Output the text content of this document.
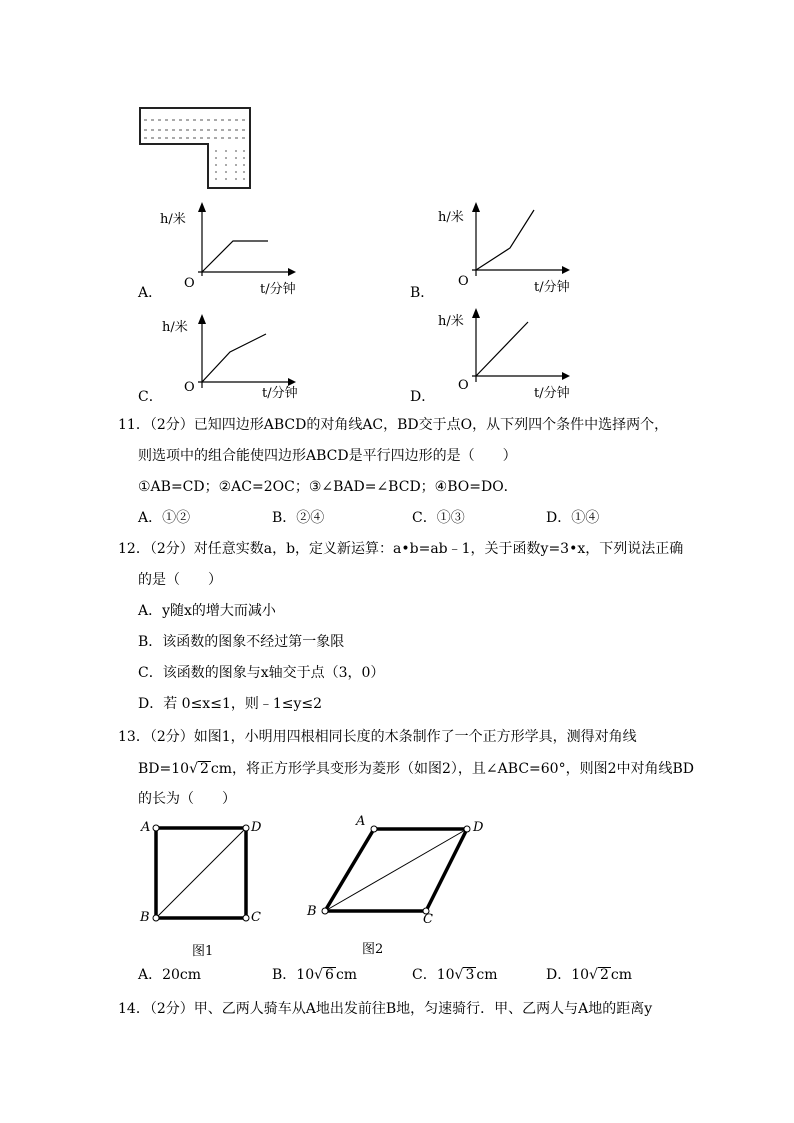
h/米
O	t/分钟
A．
h/米
O	t/分钟
B．
h/米
O	t/分钟
C．
h/米
O
t/分钟
D．
11．（2分）已知四边形ABCD的对角线AC，BD交于点O，从下列四个条件中选择两个，
则选项中的组合能使四边形ABCD是平行四边形的是（　　）
①AB=CD；②AC=2OC；③∠BAD=∠BCD；④BO=DO．
A．①②	B．②④	C．①③	D．①④
12．（2分）对任意实数a，b，定义新运算：a•b=ab﹣1，关于函数y=3•x，下列说法正确
的是（　　）
A．y随x的增大而减小
B．该函数的图象不经过第一象限
C．该函数的图象与x轴交于点（3，0）
D．若 0≤x≤1，则﹣1≤y≤2
13．（2分）如图1，小明用四根相同长度的木条制作了一个正方形学具，测得对角线
BD=10√ 2 cm，将正方形学具变形为菱形（如图2），且∠ABC=60°，则图2中对角线BD
的长为（　　）
A	D
B	C
图1
A	D
B
C
图2
A．20cm	B．10√ 6 cm	C．10√ 3 cm	D．10√ 2 cm
14．（2分）甲、乙两人骑车从A地出发前往B地，匀速骑行．甲、乙两人与A地的距离y
